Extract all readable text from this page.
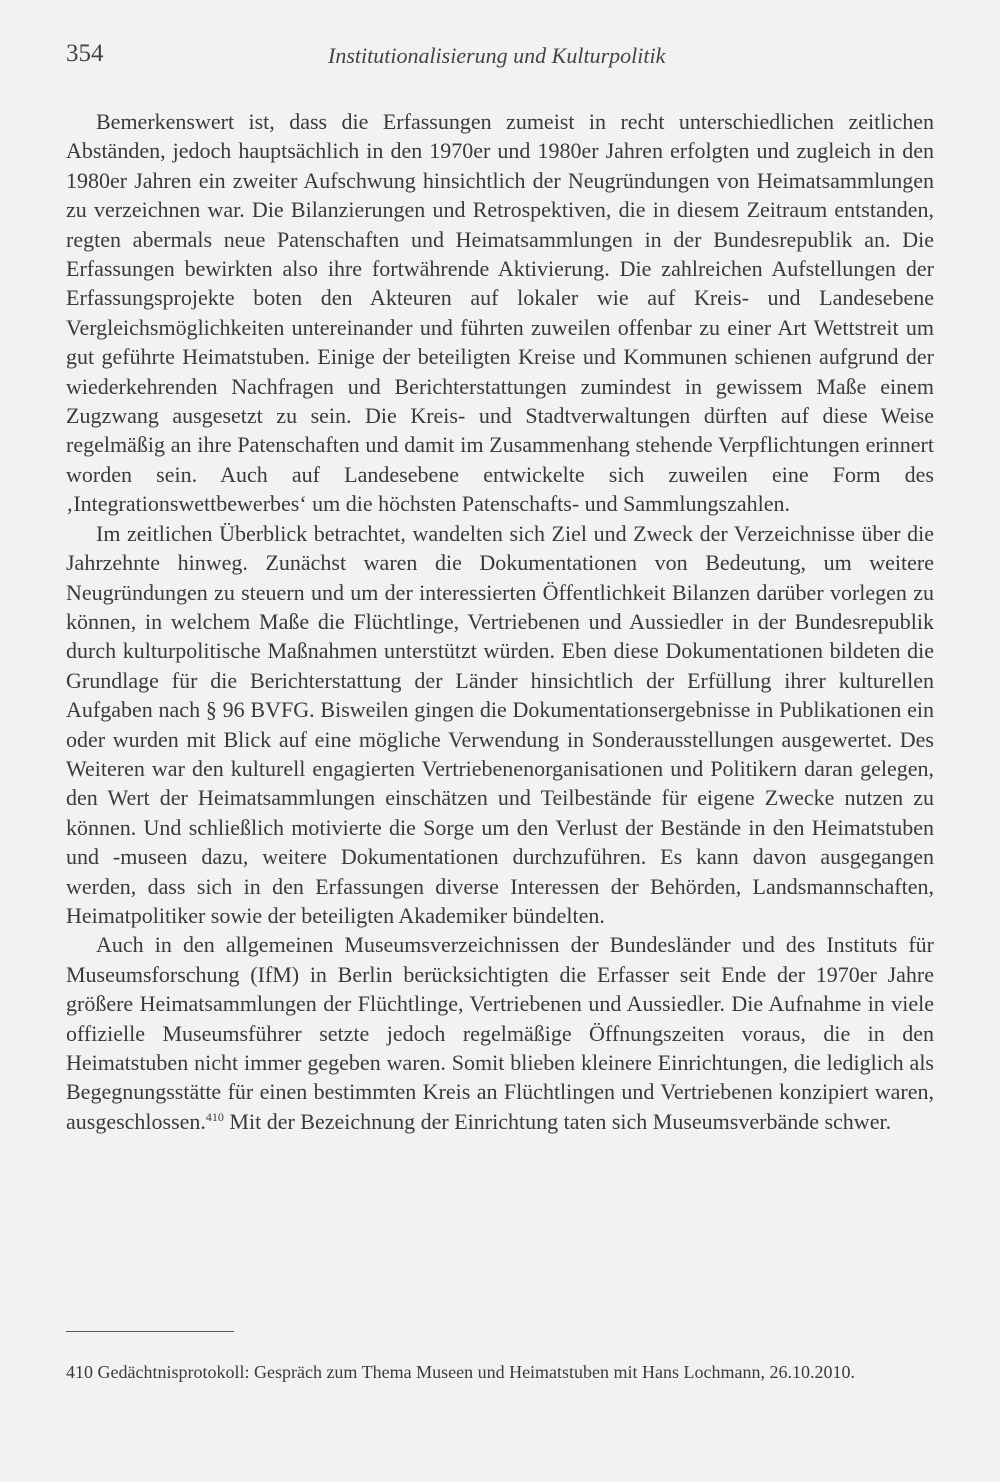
354	Institutionalisierung und Kulturpolitik

Bemerkenswert ist, dass die Erfassungen zumeist in recht unterschiedlichen zeitlichen Abständen, jedoch hauptsächlich in den 1970er und 1980er Jahren erfolgten und zugleich in den 1980er Jahren ein zweiter Aufschwung hinsichtlich der Neugründungen von Heimatsammlungen zu verzeichnen war. Die Bilanzierungen und Retrospektiven, die in diesem Zeitraum entstanden, regten abermals neue Patenschaften und Heimatsammlungen in der Bundesrepublik an. Die Erfassungen bewirkten also ihre fortwährende Aktivierung. Die zahlreichen Aufstellungen der Erfassungsprojekte boten den Akteuren auf lokaler wie auf Kreis- und Landesebene Vergleichsmöglichkeiten untereinander und führten zuweilen offenbar zu einer Art Wettstreit um gut geführte Heimatstuben. Einige der beteiligten Kreise und Kommunen schienen aufgrund der wiederkehrenden Nachfragen und Berichterstattungen zumindest in gewissem Maße einem Zugzwang ausgesetzt zu sein. Die Kreis- und Stadtverwaltungen dürften auf diese Weise regelmäßig an ihre Patenschaften und damit im Zusammenhang stehende Verpflichtungen erinnert worden sein. Auch auf Landesebene entwickelte sich zuweilen eine Form des ‚Integrationswettbewerbes‘ um die höchsten Patenschafts- und Sammlungszahlen.

Im zeitlichen Überblick betrachtet, wandelten sich Ziel und Zweck der Verzeichnisse über die Jahrzehnte hinweg. Zunächst waren die Dokumentationen von Bedeutung, um weitere Neugründungen zu steuern und um der interessierten Öffentlichkeit Bilanzen darüber vorlegen zu können, in welchem Maße die Flüchtlinge, Vertriebenen und Aussiedler in der Bundesrepublik durch kulturpolitische Maßnahmen unterstützt würden. Eben diese Dokumentationen bildeten die Grundlage für die Berichterstattung der Länder hinsichtlich der Erfüllung ihrer kulturellen Aufgaben nach § 96 BVFG. Bisweilen gingen die Dokumentationsergebnisse in Publikationen ein oder wurden mit Blick auf eine mögliche Verwendung in Sonderausstellungen ausgewertet. Des Weiteren war den kulturell engagierten Vertriebenenorganisationen und Politikern daran gelegen, den Wert der Heimatsammlungen einschätzen und Teilbestände für eigene Zwecke nutzen zu können. Und schließlich motivierte die Sorge um den Verlust der Bestände in den Heimatstuben und -museen dazu, weitere Dokumentationen durchzuführen. Es kann davon ausgegangen werden, dass sich in den Erfassungen diverse Interessen der Behörden, Landsmannschaften, Heimatpolitiker sowie der beteiligten Akademiker bündelten.

Auch in den allgemeinen Museumsverzeichnissen der Bundesländer und des Instituts für Museumsforschung (IfM) in Berlin berücksichtigten die Erfasser seit Ende der 1970er Jahre größere Heimatsammlungen der Flüchtlinge, Vertriebenen und Aussiedler. Die Aufnahme in viele offizielle Museumsführer setzte jedoch regelmäßige Öffnungszeiten voraus, die in den Heimatstuben nicht immer gegeben waren. Somit blieben kleinere Einrichtungen, die lediglich als Begegnungsstätte für einen bestimmten Kreis an Flüchtlingen und Vertriebenen konzipiert waren, ausgeschlossen.$^{410}$ Mit der Bezeichnung der Einrichtung taten sich Museumsverbände schwer.

410 Gedächtnisprotokoll: Gespräch zum Thema Museen und Heimatstuben mit Hans Lochmann, 26.10.2010.
